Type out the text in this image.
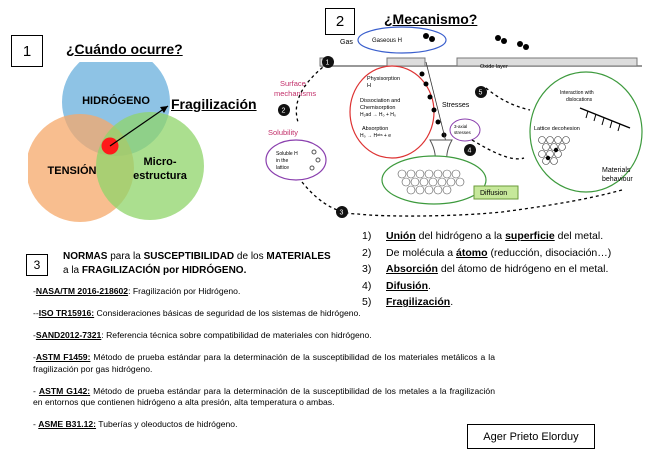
1	¿Cuándo ocurre?
HIDRÓGENO
TENSIÓN
Micro-
estructura
Fragilización
2	¿Mecanismo?
Gas
Oxide layer
Gaseous H
Surface
mechanisms
Solubility
Physisorption
H
Dissociation and
Chemisorption
H₂ad → H₀ + H₀
Absorption
H₀ → Hᵃᵇˢ + e
Soluble H
in the
lattice
Stresses
3-axial
stresses
Diffusion
Interaction with
dislocations
Lattice decohesion
Materials
behaviour
1
2
3
4
5
1) Unión del hidrógeno a la superficie del metal.
2) De molécula a átomo (reducción, disociación…)
3) Absorción del átomo de hidrógeno en el metal.
4) Difusión.
5) Fragilización.
3
NORMAS para la SUSCEPTIBILIDAD de los MATERIALES
a la FRAGILIZACIÓN por HIDRÓGENO.
-NASA/TM 2016-218602: Fragilización por Hidrógeno.
--ISO TR15916: Consideraciones básicas de seguridad de los sistemas de hidrógeno.
-SAND2012-7321: Referencia técnica sobre compatibilidad de materiales con hidrógeno.
-ASTM F1459: Método de prueba estándar para la determinación de la susceptibilidad de los materiales metálicos a la fragilización por gas hidrógeno.
- ASTM G142: Método de prueba estándar para la determinación de la susceptibilidad de los metales a la fragilización en entornos que contienen hidrógeno a alta presión, alta temperatura o ambas.
- ASME B31.12: Tuberías y oleoductos de hidrógeno.
Ager Prieto Elorduy
